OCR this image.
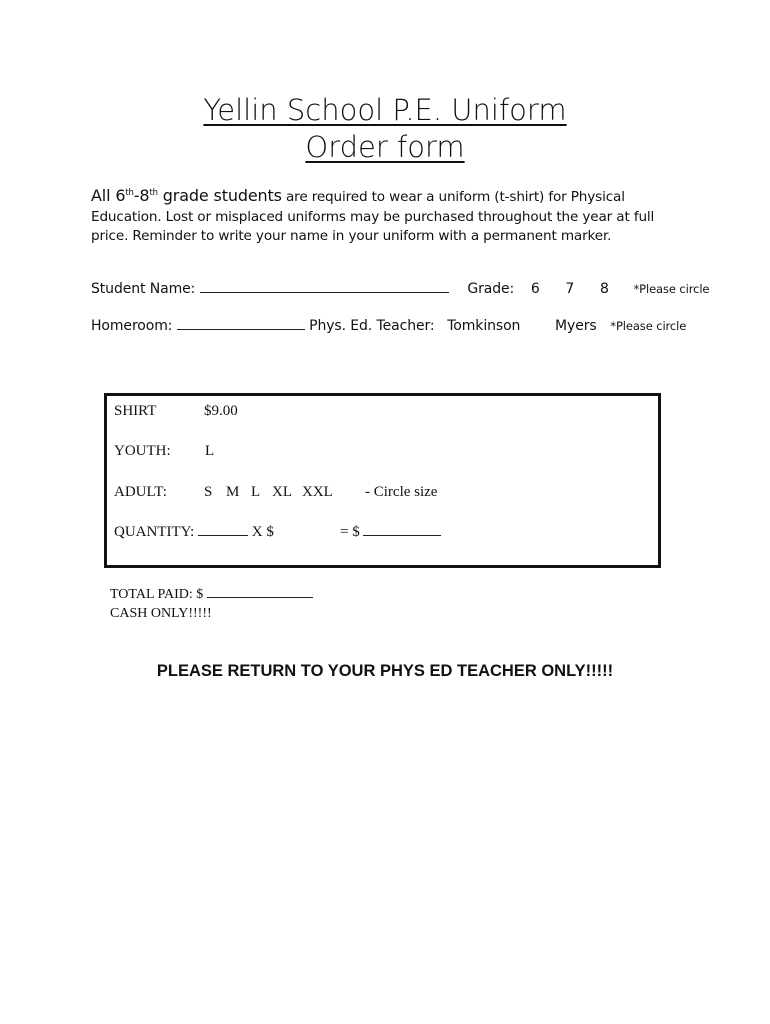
Yellin School P.E. Uniform
Order form
All 6th-8th grade students are required to wear a uniform (t-shirt) for Physical Education. Lost or misplaced uniforms may be purchased throughout the year at full price. Reminder to write your name in your uniform with a permanent marker.
Student Name:	Grade: 6 7 8 *Please circle
Homeroom:	Phys. Ed. Teacher: Tomkinson Myers *Please circle
SHIRT	$9.00
YOUTH: L
ADULT: S M L XL XXL - Circle size
QUANTITY:	X $	= $
TOTAL PAID: $
CASH ONLY!!!!!
PLEASE RETURN TO YOUR PHYS ED TEACHER ONLY!!!!!
